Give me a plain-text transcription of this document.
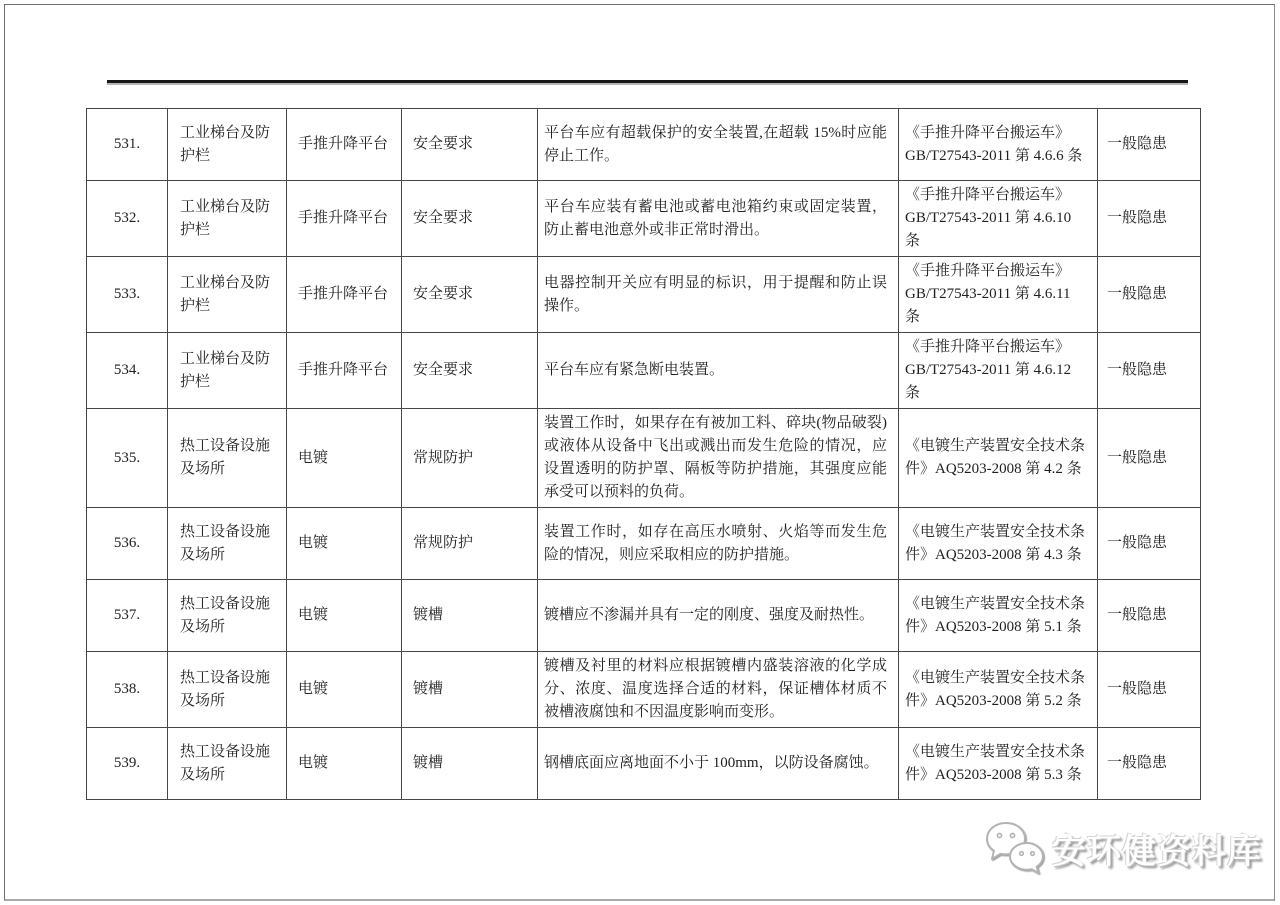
531.	工业梯台及防护栏	手推升降平台	安全要求	平台车应有超载保护的安全装置,在超载 15%时应能停止工作。	《手推升降平台搬运车》GB/T27543-2011 第 4.6.6 条	一般隐患
532.	工业梯台及防护栏	手推升降平台	安全要求	平台车应装有蓄电池或蓄电池箱约束或固定装置，防止蓄电池意外或非正常时滑出。	《手推升降平台搬运车》GB/T27543-2011 第 4.6.10 条	一般隐患
533.	工业梯台及防护栏	手推升降平台	安全要求	电器控制开关应有明显的标识，用于提醒和防止误操作。	《手推升降平台搬运车》GB/T27543-2011 第 4.6.11 条	一般隐患
534.	工业梯台及防护栏	手推升降平台	安全要求	平台车应有紧急断电装置。	《手推升降平台搬运车》GB/T27543-2011 第 4.6.12 条	一般隐患
535.	热工设备设施及场所	电镀	常规防护	装置工作时，如果存在有被加工料、碎块(物品破裂)或液体从设备中飞出或溅出而发生危险的情况，应设置透明的防护罩、隔板等防护措施，其强度应能承受可以预料的负荷。	《电镀生产装置安全技术条件》AQ5203-2008 第 4.2 条	一般隐患
536.	热工设备设施及场所	电镀	常规防护	装置工作时，如存在高压水喷射、火焰等而发生危险的情况，则应采取相应的防护措施。	《电镀生产装置安全技术条件》AQ5203-2008 第 4.3 条	一般隐患
537.	热工设备设施及场所	电镀	镀槽	镀槽应不渗漏并具有一定的刚度、强度及耐热性。	《电镀生产装置安全技术条件》AQ5203-2008 第 5.1 条	一般隐患
538.	热工设备设施及场所	电镀	镀槽	镀槽及衬里的材料应根据镀槽内盛装溶液的化学成分、浓度、温度选择合适的材料，保证槽体材质不被槽液腐蚀和不因温度影响而变形。	《电镀生产装置安全技术条件》AQ5203-2008 第 5.2 条	一般隐患
539.	热工设备设施及场所	电镀	镀槽	钢槽底面应离地面不小于 100mm，以防设备腐蚀。	《电镀生产装置安全技术条件》AQ5203-2008 第 5.3 条	一般隐患
安环健资料库
